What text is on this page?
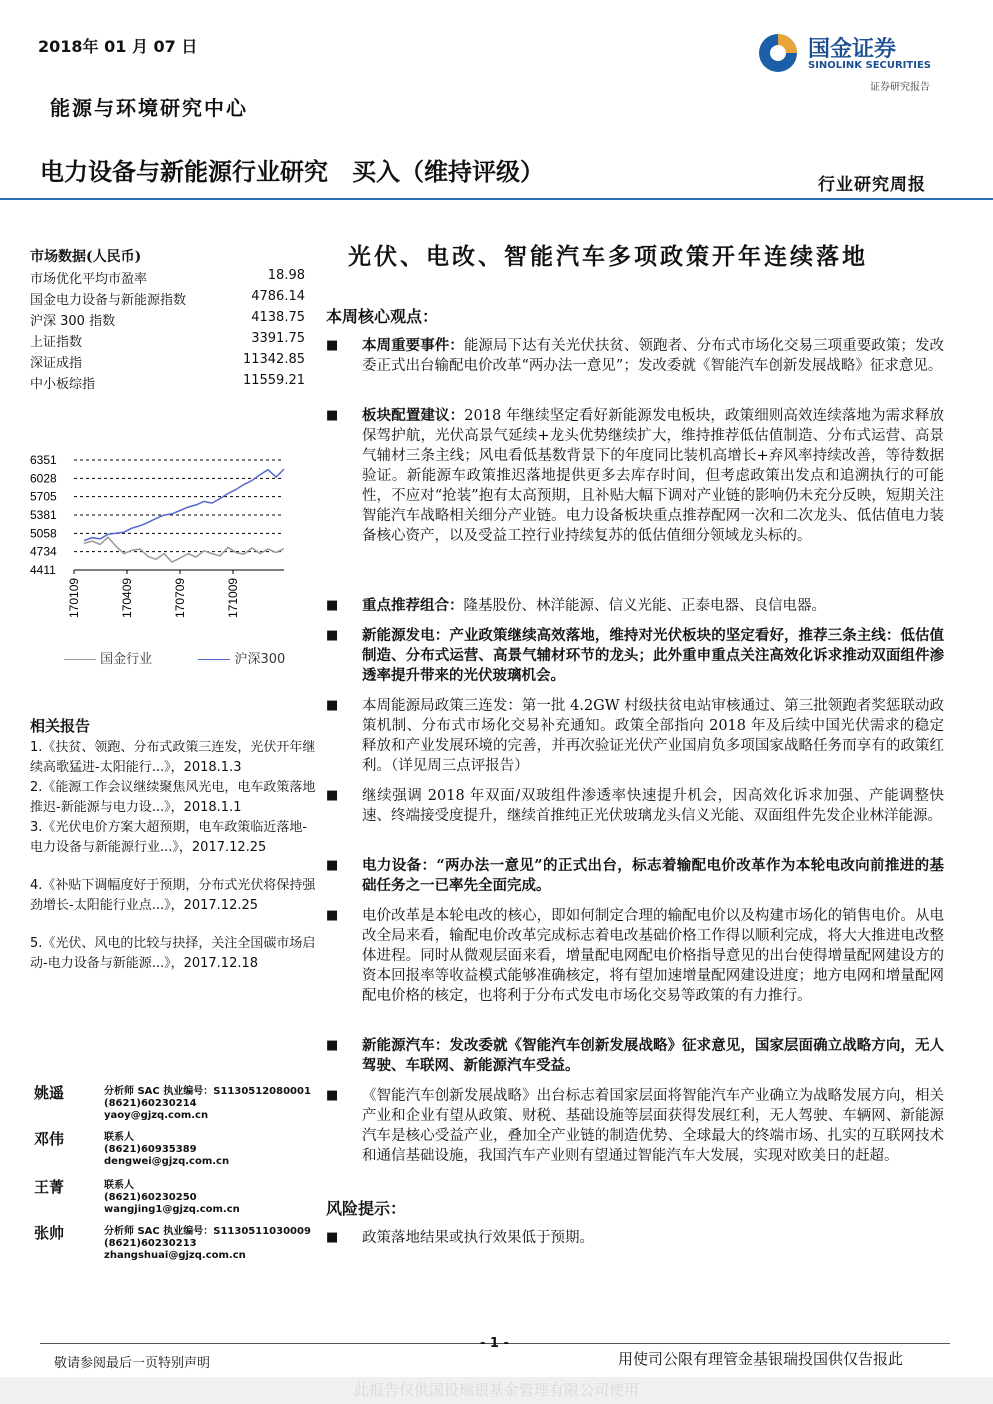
2018年 01 月 07 日
能源与环境研究中心
国金证券
SINOLINK SECURITIES
证券研究报告
电力设备与新能源行业研究 买入（维持评级）	行业研究周报
市场数据(人民币)
市场优化平均市盈率	18.98
国金电力设备与新能源指数	4786.14
沪深 300 指数	4138.75
上证指数	3391.75
深证成指	11342.85
中小板综指	11559.21
6351
6028
5705
5381
5058
4734
4411
170109	170409	170709	171009
国金行业	沪深300
相关报告
1.《扶贫、领跑、分布式政策三连发，光伏开年继续高歌猛进-太阳能行...》，2018.1.3
2.《能源工作会议继续聚焦风光电，电车政策落地推迟-新能源与电力设...》，2018.1.1
3.《光伏电价方案大超预期，电车政策临近落地-电力设备与新能源行业...》，2017.12.25
4.《补贴下调幅度好于预期，分布式光伏将保持强劲增长-太阳能行业点...》，2017.12.25
5.《光伏、风电的比较与抉择，关注全国碳市场启动-电力设备与新能源...》，2017.12.18
姚遥	分析师 SAC 执业编号：S1130512080001
(8621)60230214
yaoy@gjzq.com.cn
邓伟	联系人
(8621)60935389
dengwei@gjzq.com.cn
王菁	联系人
(8621)60230250
wangjing1@gjzq.com.cn
张帅	分析师 SAC 执业编号：S1130511030009
(8621)60230213
zhangshuai@gjzq.com.cn
光伏、电改、智能汽车多项政策开年连续落地
本周核心观点：
■ 本周重要事件：能源局下达有关光伏扶贫、领跑者、分布式市场化交易三项重要政策；发改委正式出台输配电价改革“两办法一意见”；发改委就《智能汽车创新发展战略》征求意见。
■ 板块配置建议：2018 年继续坚定看好新能源发电板块，政策细则高效连续落地为需求释放保驾护航，光伏高景气延续+龙头优势继续扩大，维持推荐低估值制造、分布式运营、高景气辅材三条主线；风电看低基数背景下的年度同比装机高增长+弃风率持续改善，等待数据验证。新能源车政策推迟落地提供更多去库存时间，但考虑政策出发点和追溯执行的可能性，不应对“抢装”抱有太高预期，且补贴大幅下调对产业链的影响仍未充分反映，短期关注智能汽车战略相关细分产业链。电力设备板块重点推荐配网一次和二次龙头、低估值电力装备核心资产，以及受益工控行业持续复苏的低估值细分领域龙头标的。
■ 重点推荐组合：隆基股份、林洋能源、信义光能、正泰电器、良信电器。
■ 新能源发电：产业政策继续高效落地，维持对光伏板块的坚定看好，推荐三条主线：低估值制造、分布式运营、高景气辅材环节的龙头；此外重申重点关注高效化诉求推动双面组件渗透率提升带来的光伏玻璃机会。
■ 本周能源局政策三连发：第一批 4.2GW 村级扶贫电站审核通过、第三批领跑者奖惩联动政策机制、分布式市场化交易补充通知。政策全部指向 2018 年及后续中国光伏需求的稳定释放和产业发展环境的完善，并再次验证光伏产业国肩负多项国家战略任务而享有的政策红利。（详见周三点评报告）
■ 继续强调 2018 年双面/双玻组件渗透率快速提升机会，因高效化诉求加强、产能调整快速、终端接受度提升，继续首推纯正光伏玻璃龙头信义光能、双面组件先发企业林洋能源。
■ 电力设备：“两办法一意见”的正式出台，标志着输配电价改革作为本轮电改向前推进的基础任务之一已率先全面完成。
■ 电价改革是本轮电改的核心，即如何制定合理的输配电价以及构建市场化的销售电价。从电改全局来看，输配电价改革完成标志着电改基础价格工作得以顺利完成，将大大推进电改整体进程。同时从微观层面来看，增量配电网配电价格指导意见的出台使得增量配网建设方的资本回报率等收益模式能够准确核定，将有望加速增量配网建设进度；地方电网和增量配网配电价格的核定，也将利于分布式发电市场化交易等政策的有力推行。
■ 新能源汽车：发改委就《智能汽车创新发展战略》征求意见，国家层面确立战略方向，无人驾驶、车联网、新能源汽车受益。
■ 《智能汽车创新发展战略》出台标志着国家层面将智能汽车产业确立为战略发展方向，相关产业和企业有望从政策、财税、基础设施等层面获得发展红利，无人驾驶、车辆网、新能源汽车是核心受益产业，叠加全产业链的制造优势、全球最大的终端市场、扎实的互联网技术和通信基础设施，我国汽车产业则有望通过智能汽车大发展，实现对欧美日的赶超。
风险提示：
■ 政策落地结果或执行效果低于预期。
- 1 -
敬请参阅最后一页特别声明	用使司公限有理管金基银瑞投国供仅告报此
此报告仅供国投瑞银基金管理有限公司使用
